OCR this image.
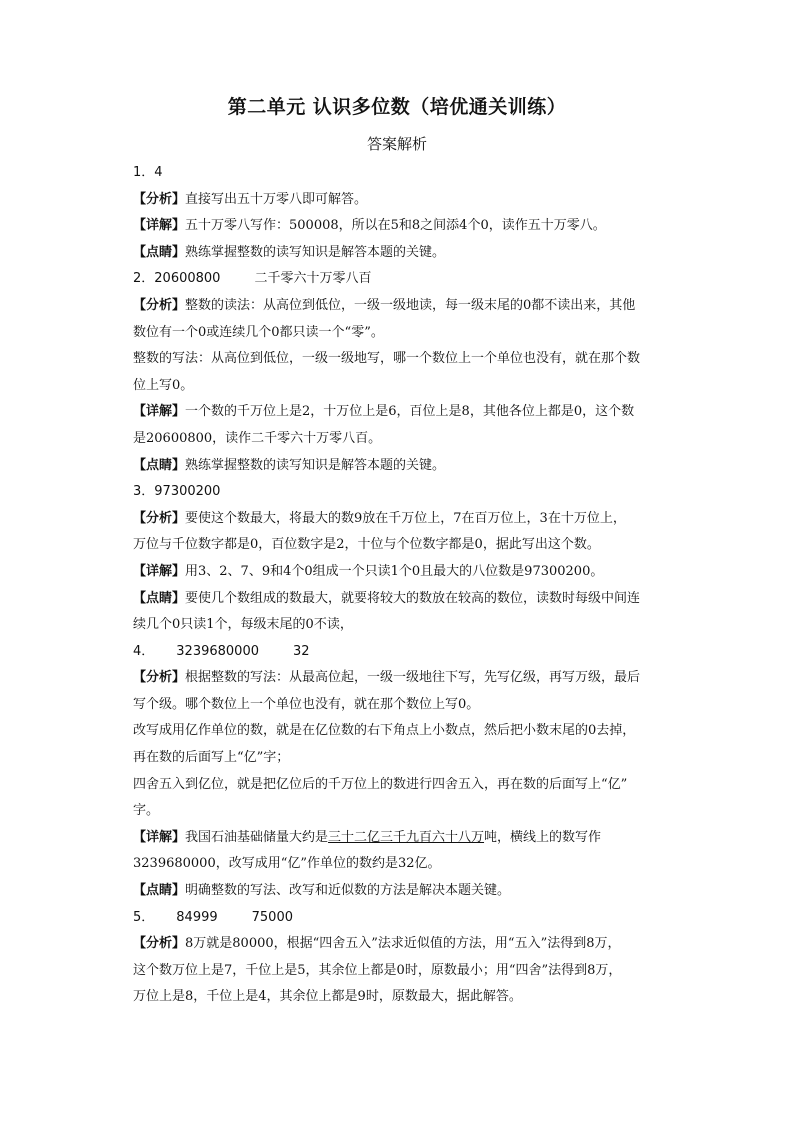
第二单元 认识多位数（培优通关训练）
答案解析
1．4
【分析】直接写出五十万零八即可解答。
【详解】五十万零八写作：500008，所以在5和8之间添4个0，读作五十万零八。
【点睛】熟练掌握整数的读写知识是解答本题的关键。
2．20600800	二千零六十万零八百
【分析】整数的读法：从高位到低位，一级一级地读，每一级末尾的0都不读出来，其他
数位有一个0或连续几个0都只读一个“零”。
整数的写法：从高位到低位，一级一级地写，哪一个数位上一个单位也没有，就在那个数
位上写0。
【详解】一个数的千万位上是2，十万位上是6，百位上是8，其他各位上都是0，这个数
是20600800，读作二千零六十万零八百。
【点睛】熟练掌握整数的读写知识是解答本题的关键。
3．97300200
【分析】要使这个数最大，将最大的数9放在千万位上，7在百万位上，3在十万位上，
万位与千位数字都是0，百位数字是2，十位与个位数字都是0，据此写出这个数。
【详解】用3、2、7、9和4个0组成一个只读1个0且最大的八位数是97300200。
【点睛】要使几个数组成的数最大，就要将较大的数放在较高的数位，读数时每级中间连
续几个0只读1个，每级末尾的0不读，
4． 3239680000	32
【分析】根据整数的写法：从最高位起，一级一级地往下写，先写亿级，再写万级，最后
写个级。哪个数位上一个单位也没有，就在那个数位上写0。
改写成用亿作单位的数，就是在亿位数的右下角点上小数点，然后把小数末尾的0去掉，
再在数的后面写上“亿”字；
四舍五入到亿位，就是把亿位后的千万位上的数进行四舍五入，再在数的后面写上“亿”
字。
【详解】我国石油基础储量大约是三十二亿三千九百六十八万吨，横线上的数写作
3239680000，改写成用“亿”作单位的数约是32亿。
【点睛】明确整数的写法、改写和近似数的方法是解决本题关键。
5． 84999	75000
【分析】8万就是80000，根据“四舍五入”法求近似值的方法，用“五入”法得到8万，
这个数万位上是7，千位上是5，其余位上都是0时，原数最小；用“四舍”法得到8万，
万位上是8，千位上是4，其余位上都是9时，原数最大，据此解答。
